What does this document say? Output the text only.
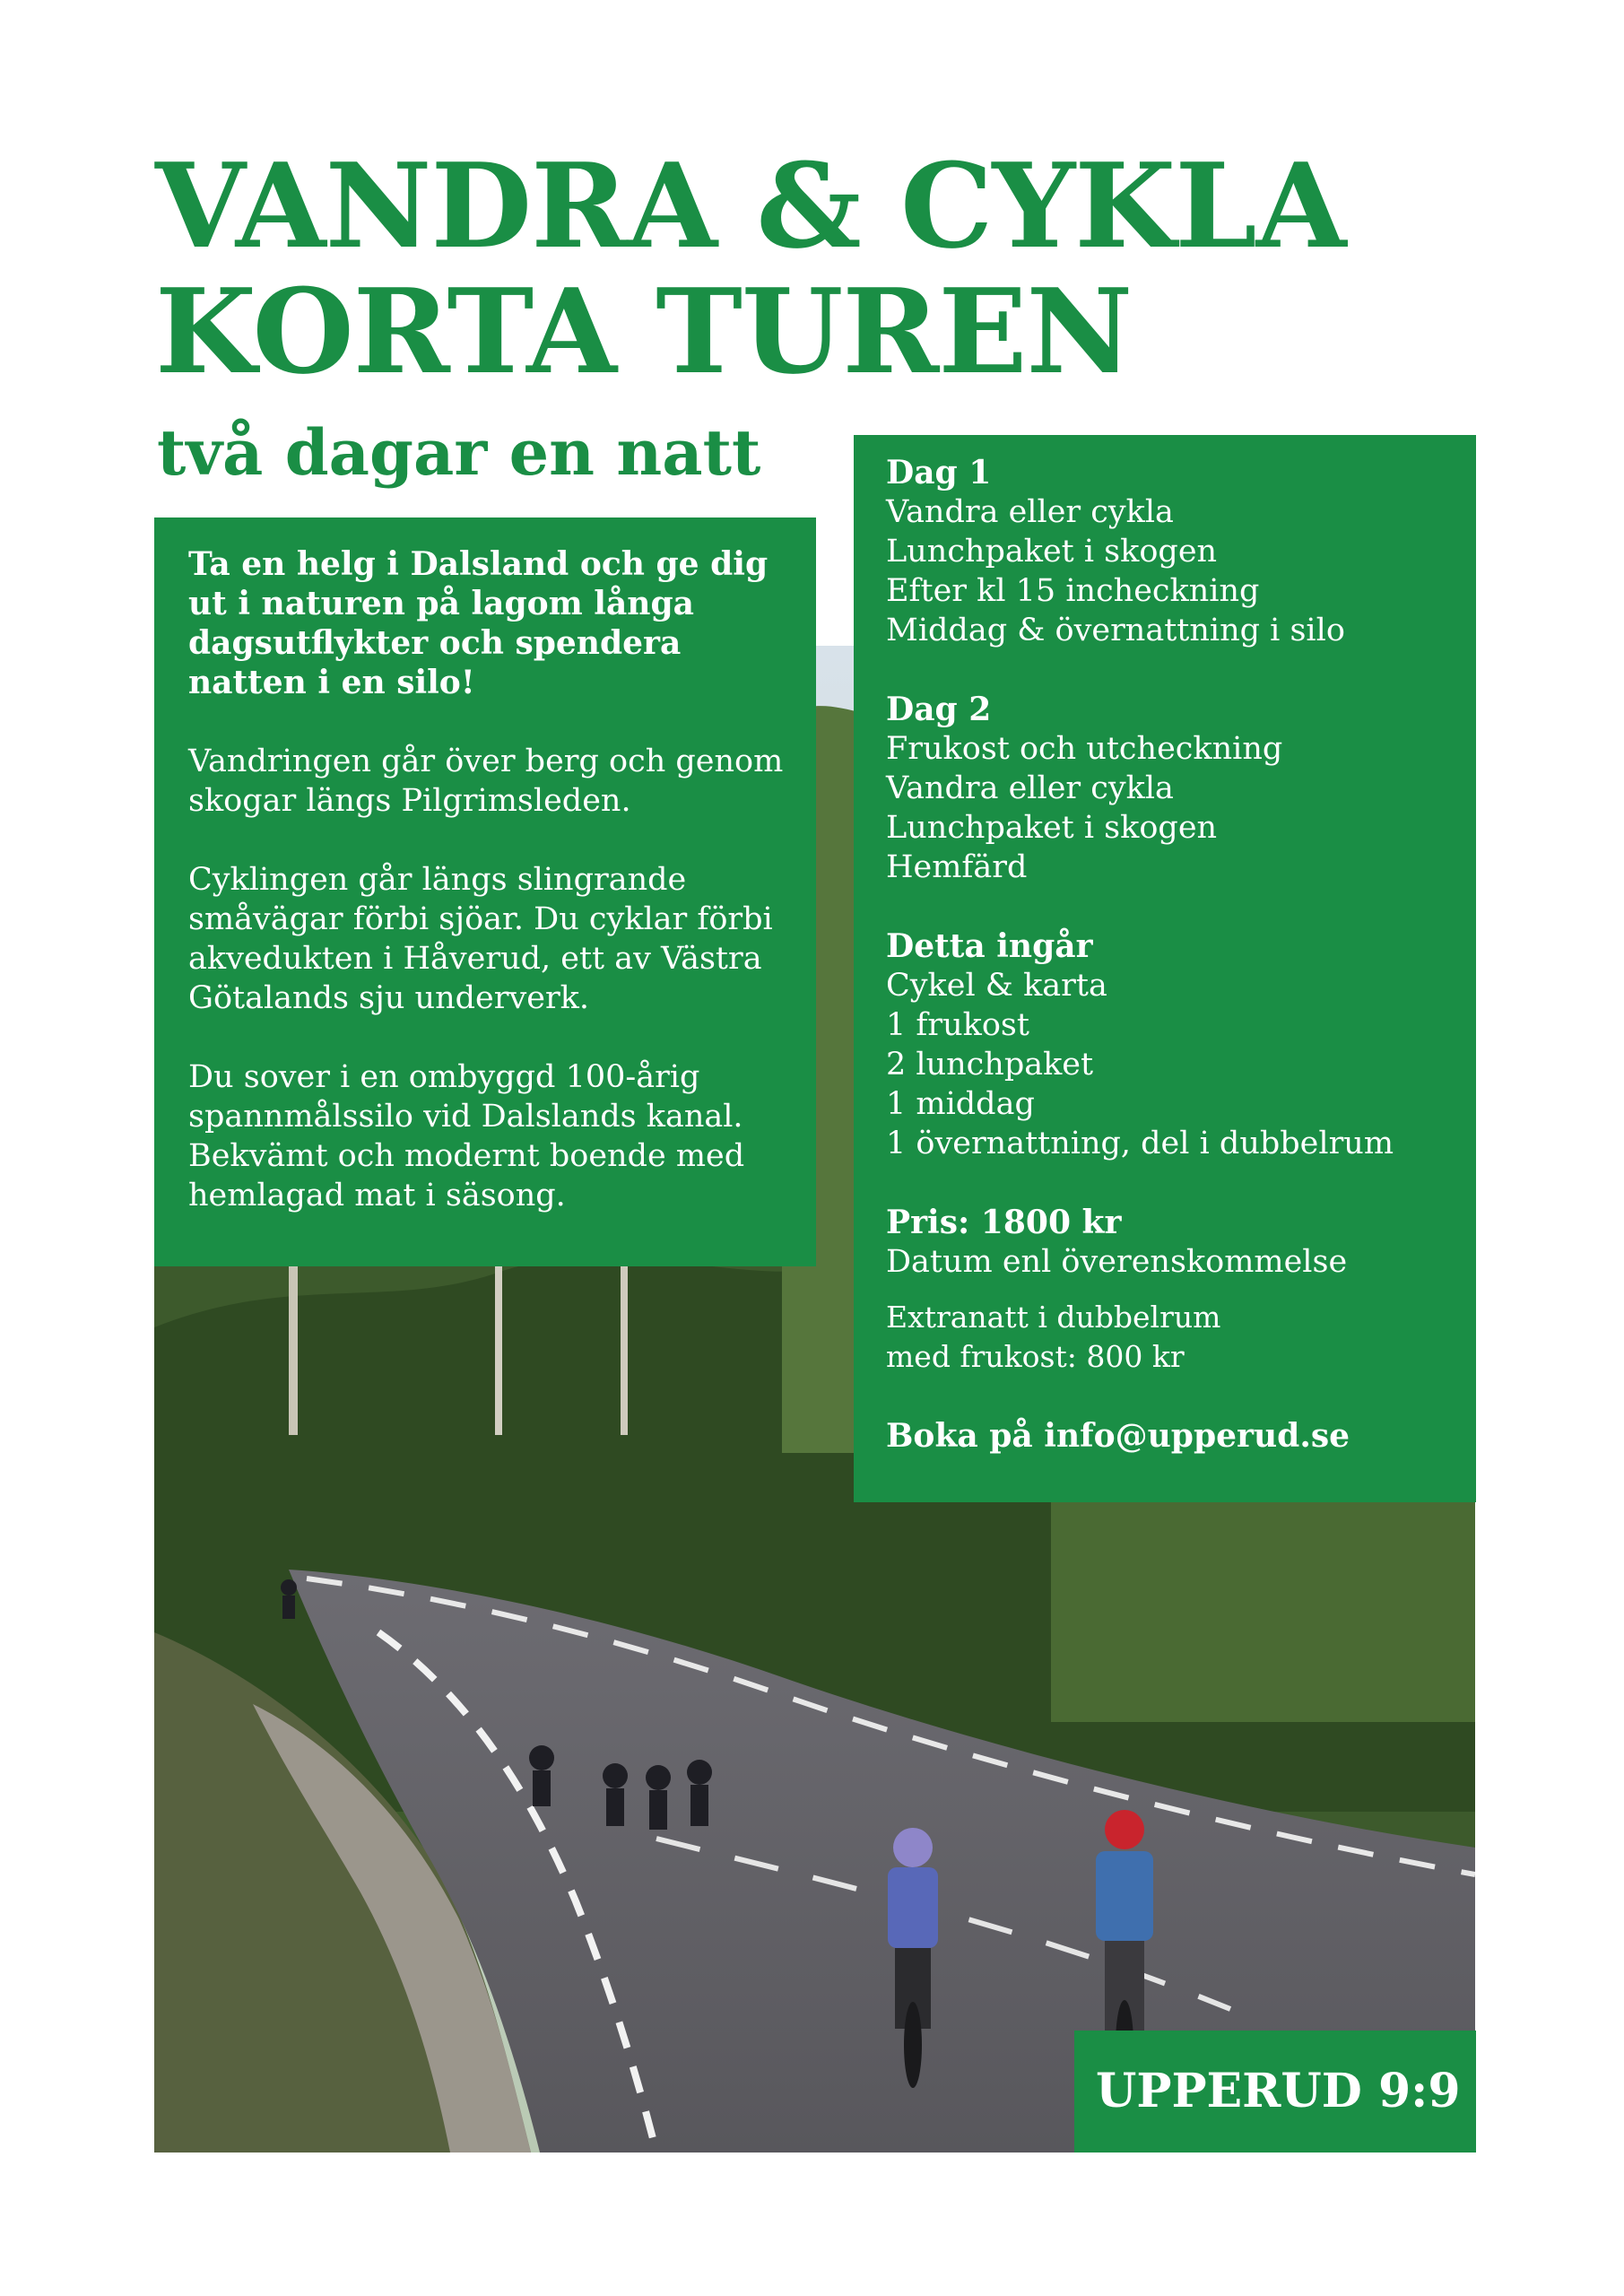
VANDRA & CYKLA
KORTA TUREN
två dagar en natt

Ta en helg i Dalsland och ge dig ut i naturen på lagom långa dagsutflykter och spendera natten i en silo!

Vandringen går över berg och genom skogar längs Pilgrimsleden.

Cyklingen går längs slingrande småvägar förbi sjöar. Du cyklar förbi akvedukten i Håverud, ett av Västra Götalands sju underverk.

Du sover i en ombyggd 100-årig spannmålssilo vid Dalslands kanal. Bekvämt och modernt boende med hemlagad mat i säsong.

Dag 1

Vandra eller cykla

Lunchpaket i skogen

Efter kl 15 incheckning

Middag & övernattning i silo

Dag 2

Frukost och utcheckning

Vandra eller cykla

Lunchpaket i skogen

Hemfärd

Detta ingår

Cykel & karta

1 frukost

2 lunchpaket

1 middag

1 övernattning, del i dubbelrum

Pris: 1800 kr

Datum enl överenskommelse

Extranatt i dubbelrum

med frukost: 800 kr

Boka på info@upperud.se

UPPERUD 9:9
